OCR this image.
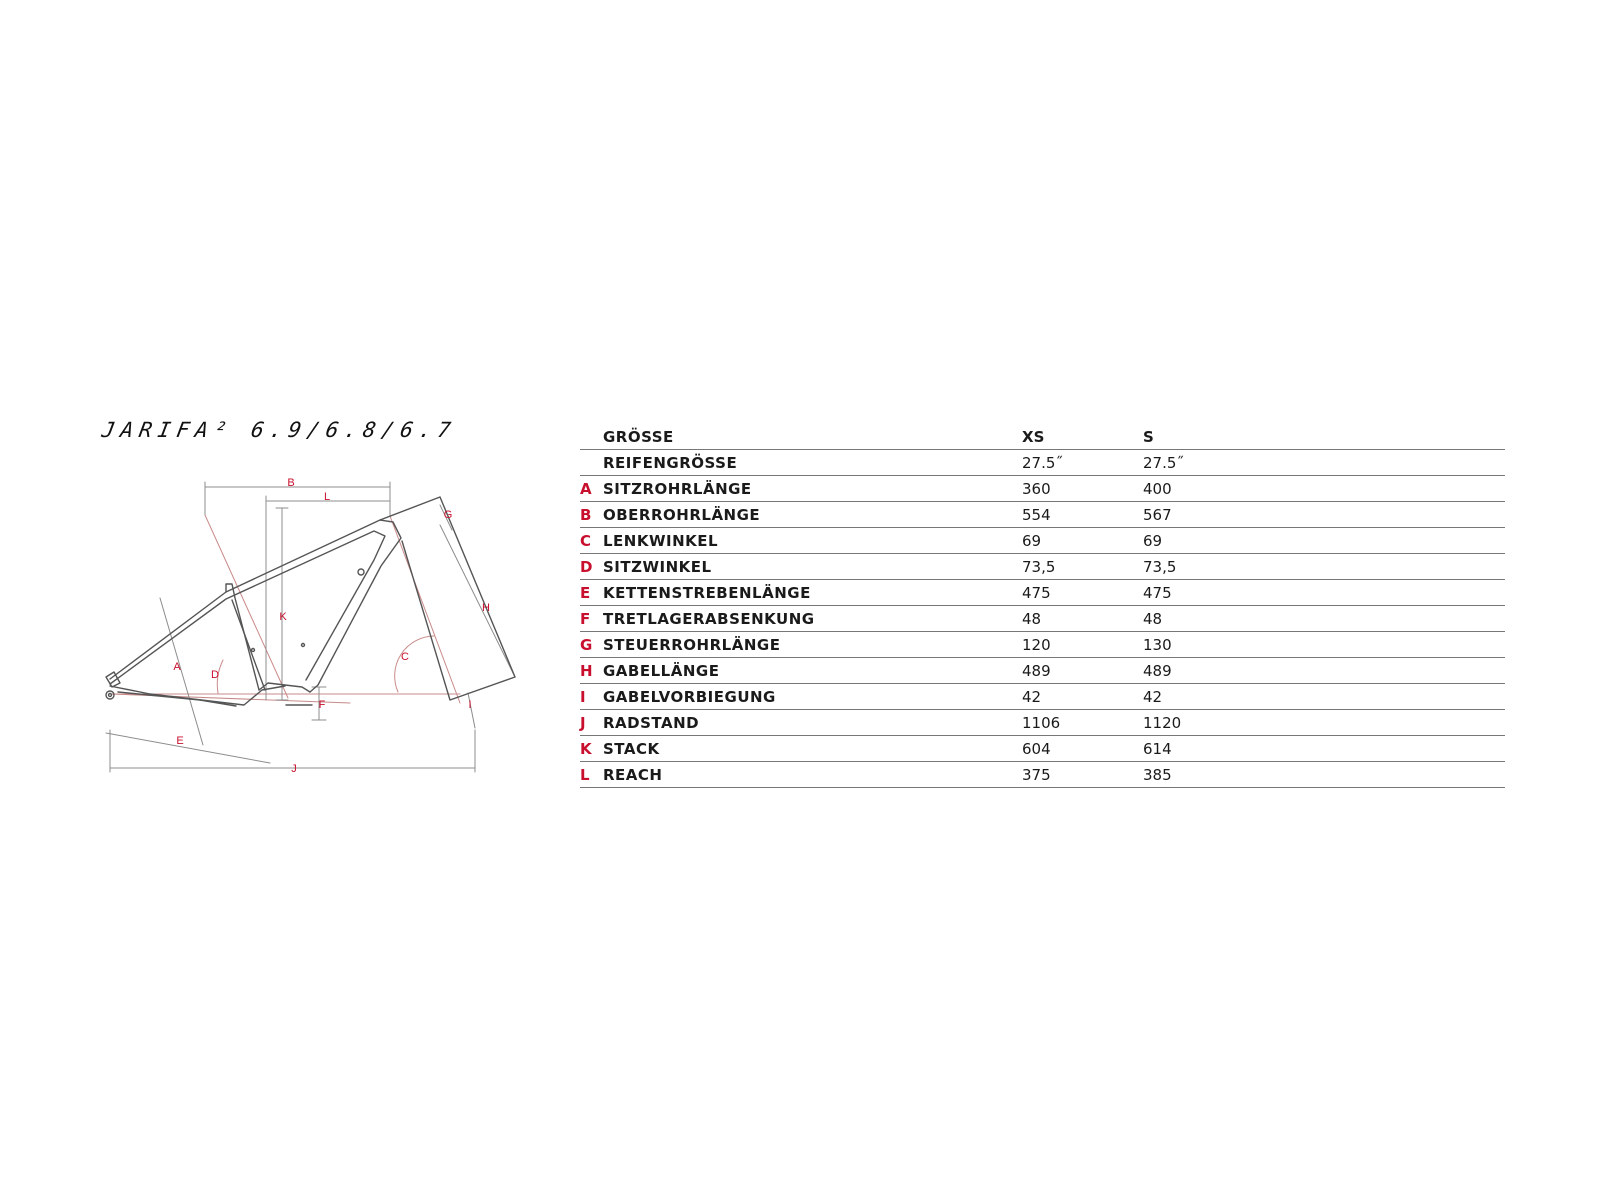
JARIFA² 6.9/6.8/6.7
B
L
G
K
H
C
A
D
F	I
E
J
	GRÖSSE	XS	S
	REIFENGRÖSSE	27.5˝	27.5˝
A	SITZROHRLÄNGE	360	400
B	OBERROHRLÄNGE	554	567
C	LENKWINKEL	69	69
D	SITZWINKEL	73,5	73,5
E	KETTENSTREBENLÄNGE	475	475
F	TRETLAGERABSENKUNG	48	48
G	STEUERROHRLÄNGE	120	130
H	GABELLÄNGE	489	489
I	GABELVORBIEGUNG	42	42
J	RADSTAND	1106	1120
K	STACK	604	614
L	REACH	375	385
